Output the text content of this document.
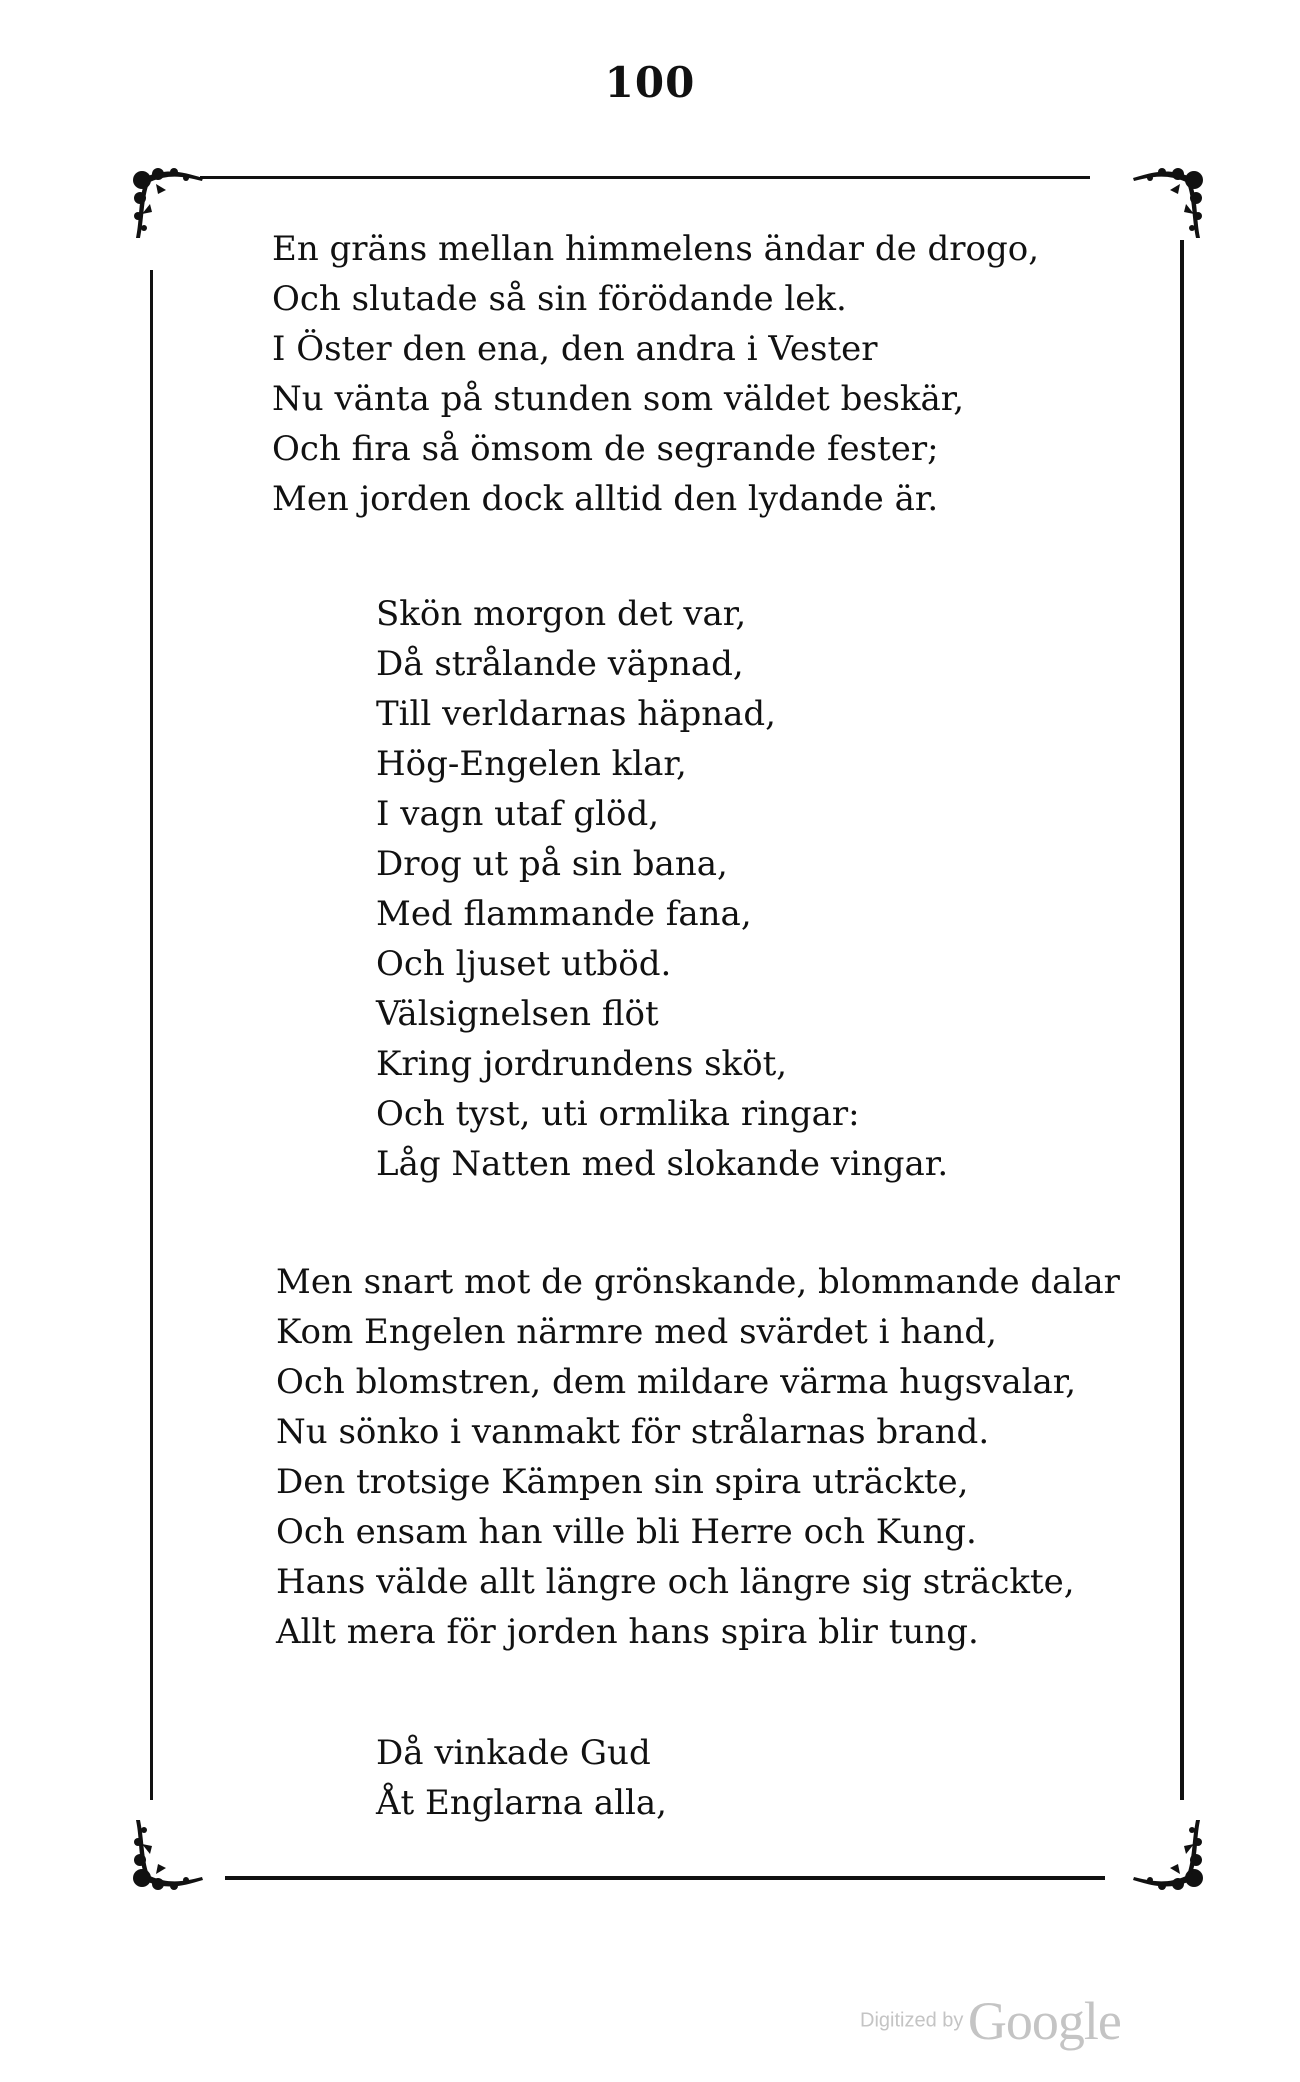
100
En gräns mellan himmelens ändar de drogo,
Och slutade så sin förödande lek.
I Öster den ena, den andra i Vester
Nu vänta på stunden som väldet beskär,
Och fira så ömsom de segrande fester;
Men jorden dock alltid den lydande är.
Skön morgon det var,
Då strålande väpnad,
Till verldarnas häpnad,
Hög-Engelen klar,
I vagn utaf glöd,
Drog ut på sin bana,
Med flammande fana,
Och ljuset utböd.
Välsignelsen flöt
Kring jordrundens sköt,
Och tyst, uti ormlika ringar:
Låg Natten med slokande vingar.
Men snart mot de grönskande, blommande dalar
Kom Engelen närmre med svärdet i hand,
Och blomstren, dem mildare värma hugsvalar,
Nu sönko i vanmakt för strålarnas brand.
Den trotsige Kämpen sin spira uträckte,
Och ensam han ville bli Herre och Kung.
Hans välde allt längre och längre sig sträckte,
Allt mera för jorden hans spira blir tung.
Då vinkade Gud
Åt Englarna alla,
Digitized by Google
